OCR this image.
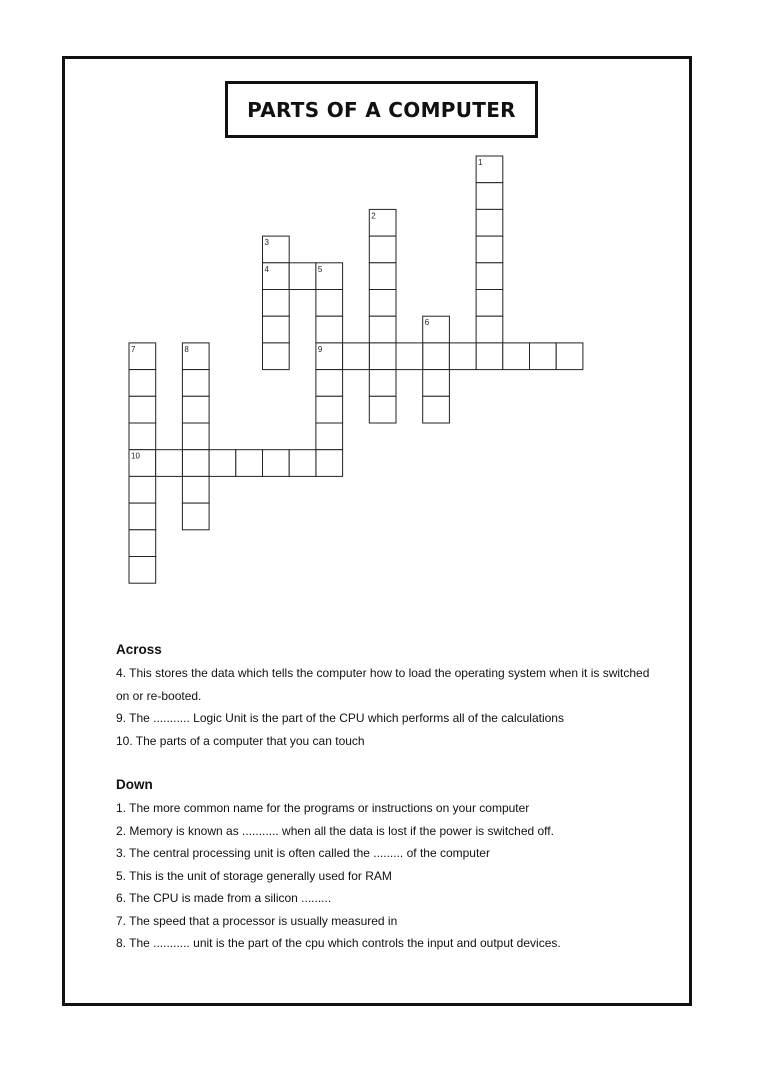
PARTS OF A COMPUTER
1
2
3
4	5
9
6
7
10
8
Across
4. This stores the data which tells the computer how to load the operating system when it is switched on or re-booted.
9. The ........... Logic Unit is the part of the CPU which performs all of the calculations
10. The parts of a computer that you can touch
Down
1. The more common name for the programs or instructions on your computer
2. Memory is known as ........... when all the data is lost if the power is switched off.
3. The central processing unit is often called the ......... of the computer
5. This is the unit of storage generally used for RAM
6. The CPU is made from a silicon .........
7. The speed that a processor is usually measured in
8. The ........... unit is the part of the cpu which controls the input and output devices.
